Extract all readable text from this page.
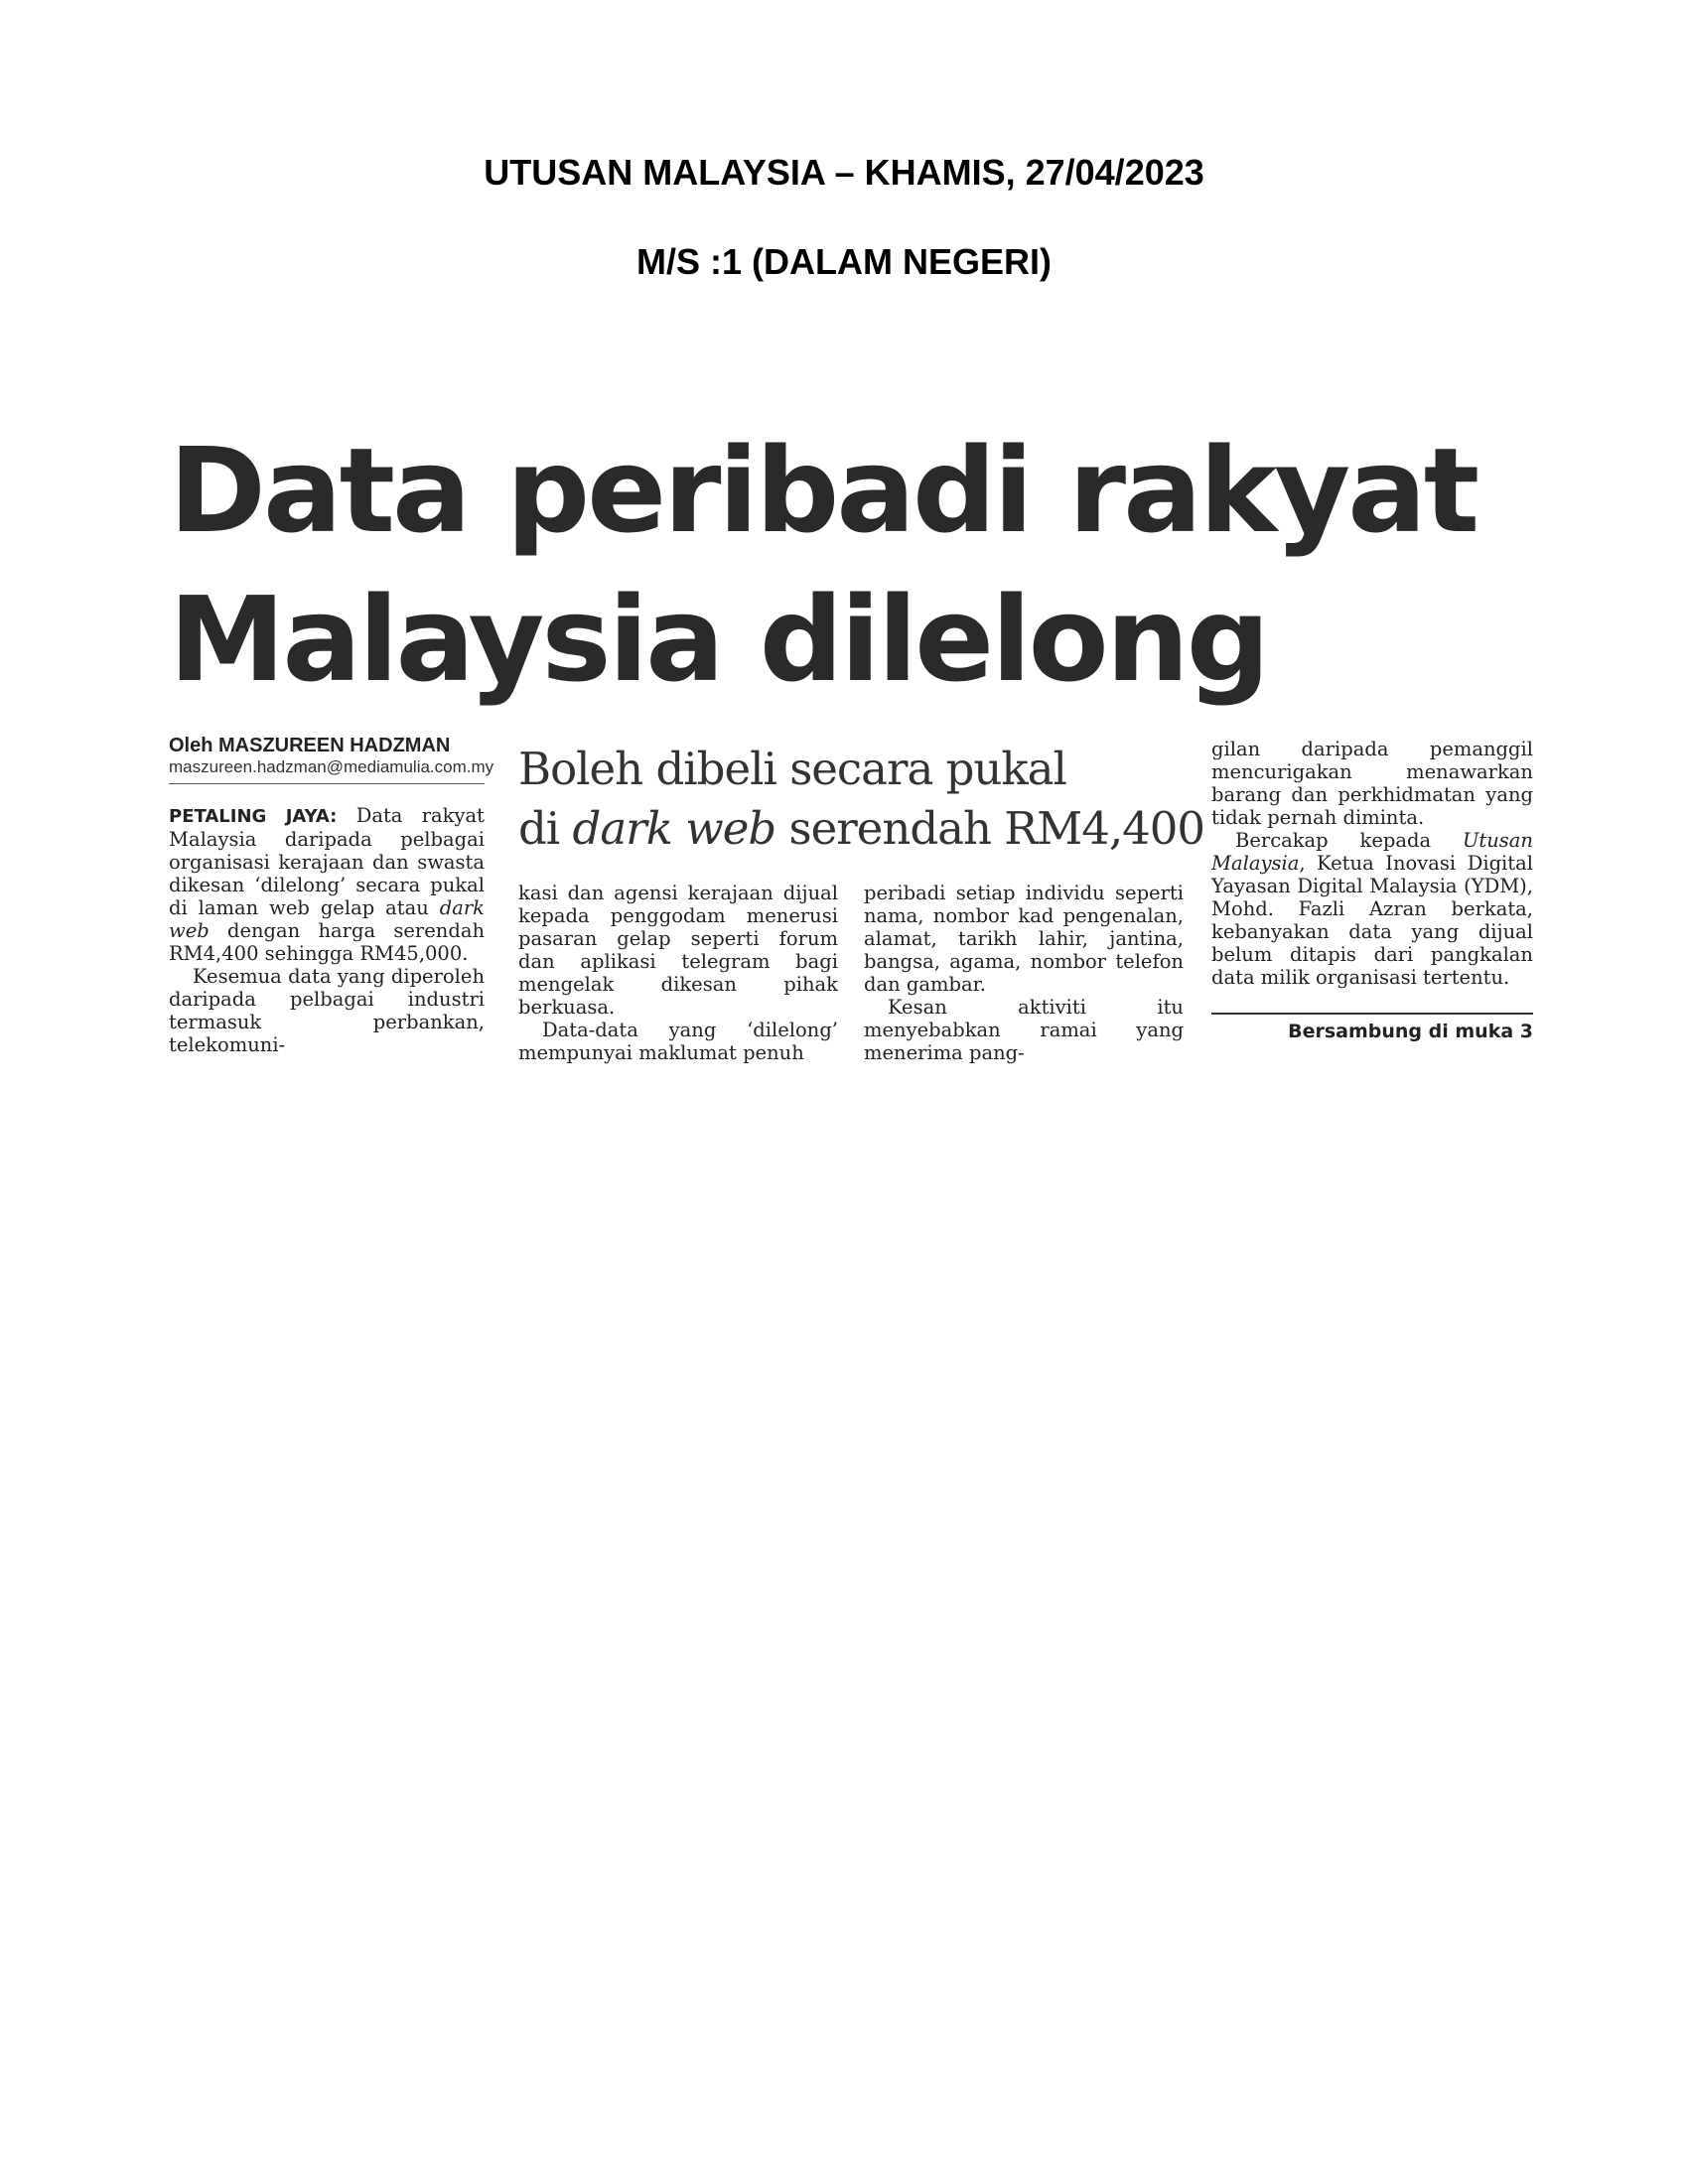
UTUSAN MALAYSIA – KHAMIS, 27/04/2023
M/S :1 (DALAM NEGERI)
Data peribadi rakyat
Malaysia dilelong
Oleh MASZUREEN HADZMAN
maszureen.hadzman@mediamulia.com.my Boleh dibeli secara pukal
di dark web serendah RM4,400

PETALING JAYA: Data rakyat Malaysia daripada pelbagai organisasi kerajaan dan swasta dikesan ‘dilelong’ secara pukal di laman web gelap atau dark web dengan harga serendah RM4,400 sehingga RM45,000.

Kesemua data yang diperoleh daripada pelbagai industri termasuk perbankan, telekomuni-

kasi dan agensi kerajaan dijual kepada penggodam menerusi pasaran gelap seperti forum dan aplikasi telegram bagi mengelak dikesan pihak berkuasa.

Data-data yang ‘dilelong’ mempunyai maklumat penuh

peribadi setiap individu seperti nama, nombor kad pengenalan, alamat, tarikh lahir, jantina, bangsa, agama, nombor telefon dan gambar.

Kesan aktiviti itu menyebabkan ramai yang menerima pang-

gilan daripada pemanggil mencurigakan menawarkan barang dan perkhidmatan yang tidak pernah diminta.

Bercakap kepada Utusan Malaysia, Ketua Inovasi Digital Yayasan Digital Malaysia (YDM), Mohd. Fazli Azran berkata, kebanyakan data yang dijual belum ditapis dari pangkalan data milik organisasi tertentu.

Bersambung di muka 3
